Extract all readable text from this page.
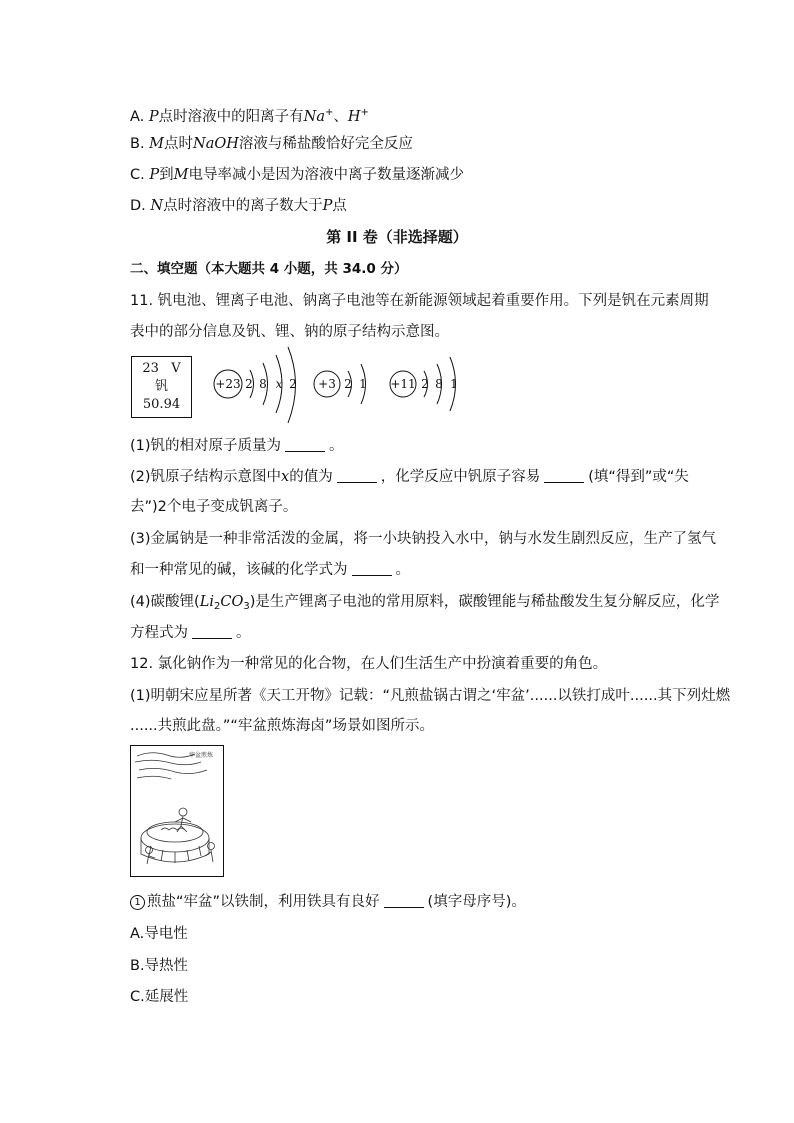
A. P点时溶液中的阳离子有Na+、H+
B. M点时NaOH溶液与稀盐酸恰好完全反应
C. P到M电导率减小是因为溶液中离子数量逐渐减少
D. N点时溶液中的离子数大于P点
第 II 卷（非选择题）
二、填空题（本大题共 4 小题，共 34.0 分）
11. 钒电池、锂离子电池、钠离子电池等在新能源领域起着重要作用。下列是钒在元素周期
表中的部分信息及钒、锂、钠的原子结构示意图。
23 V
钒
50.94
+23 2 8 x 2 +3 2 1 +11 2 8 1
(1)钒的相对原子质量为	。
(2)钒原子结构示意图中x的值为	，化学反应中钒原子容易	(填“得到”或“失
去”)2个电子变成钒离子。
(3)金属钠是一种非常活泼的金属，将一小块钠投入水中，钠与水发生剧烈反应，生产了氢气
和一种常见的碱，该碱的化学式为	。
(4)碳酸锂$(Li_2CO_3)$是生产锂离子电池的常用原料，碳酸锂能与稀盐酸发生复分解反应，化学
方程式为	。
12. 氯化钠作为一种常见的化合物，在人们生活生产中扮演着重要的角色。
(1)明朝宋应星所著《天工开物》记载：“凡煎盐锅古谓之‘牢盆’......以铁打成叶......其下列灶燃
......共煎此盘。”“牢盆煎炼海卤”场景如图所示。
牢盆煎炼
1 煎盐“牢盆”以铁制，利用铁具有良好	(填字母序号)。
A.导电性
B.导热性
C.延展性
